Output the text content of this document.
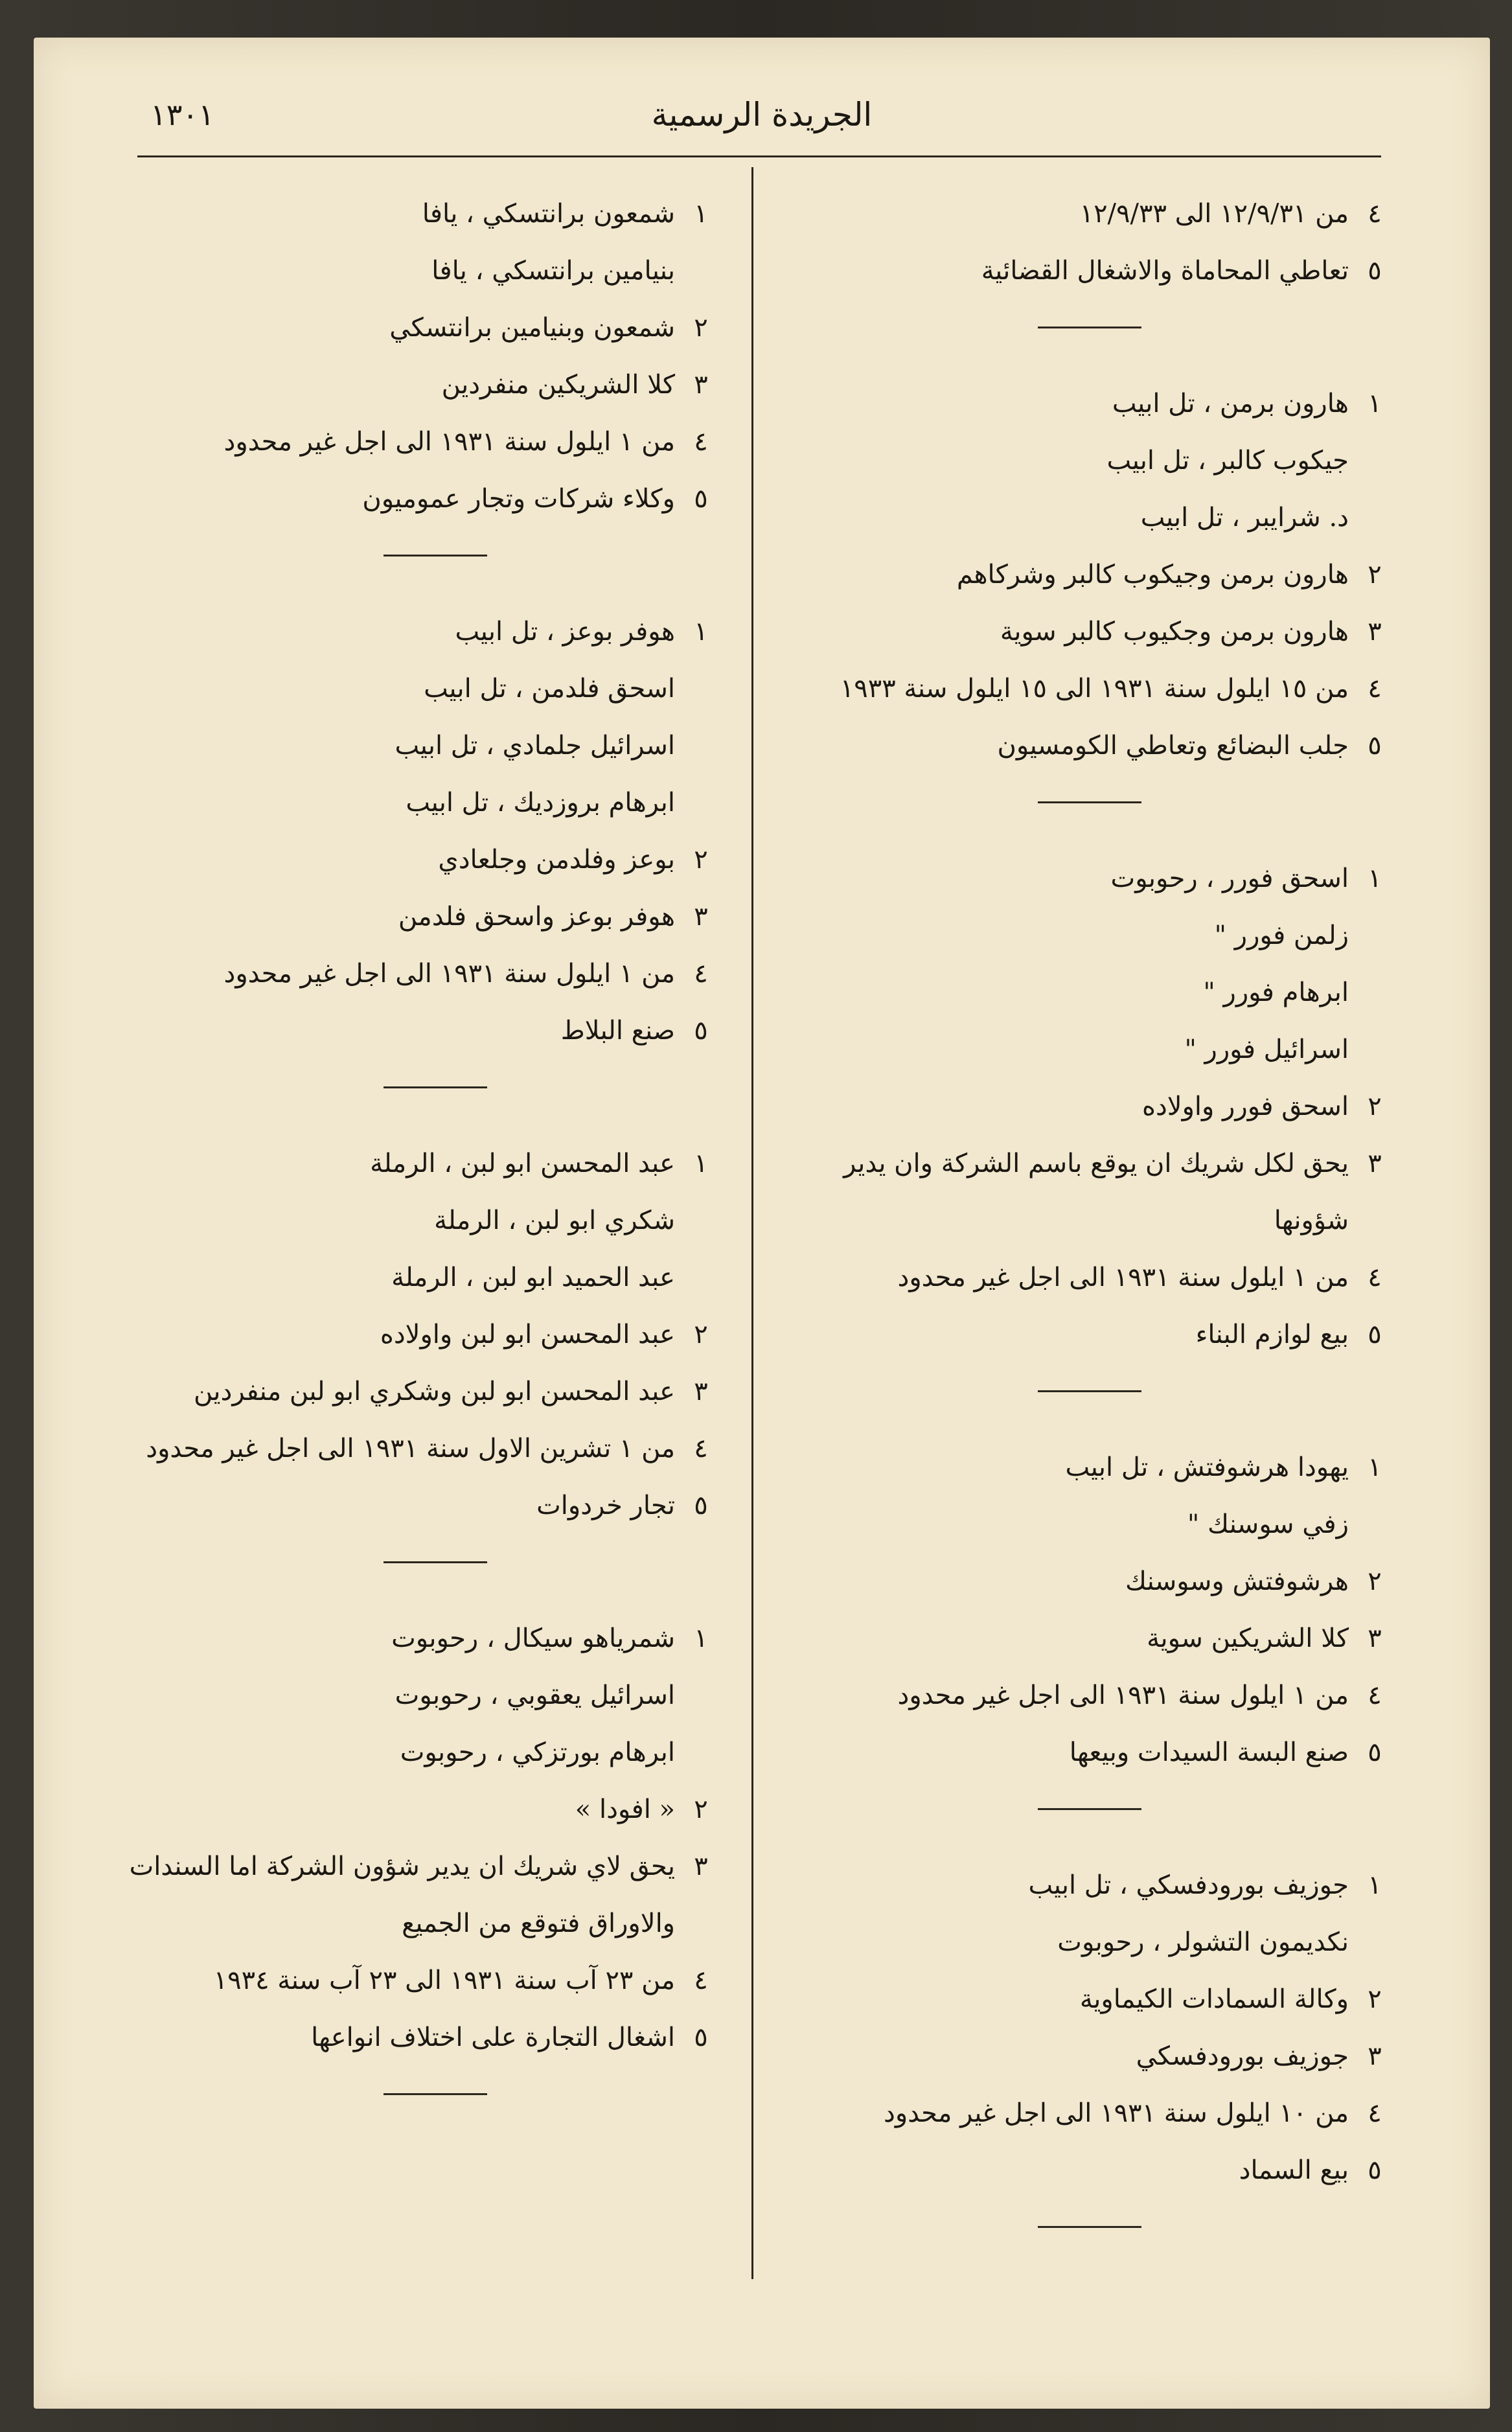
الجريدة الرسمية
١٣٠١
٤من ١٢/٩/٣١ الى ١٢/٩/٣٣
٥تعاطي المحاماة والاشغال القضائية
١هارون برمن ، تل ابيب
جيكوب كالبر ، تل ابيب
د. شرايبر ، تل ابيب
٢هارون برمن وجيكوب كالبر وشركاهم
٣هارون برمن وجكيوب كالبر سوية
٤من ١٥ ايلول سنة ١٩٣١ الى ١٥ ايلول سنة ١٩٣٣
٥جلب البضائع وتعاطي الكومسيون
١اسحق فورر ، رحوبوت
زلمن فورر "
ابرهام فورر "
اسرائيل فورر "
٢اسحق فورر واولاده
٣يحق لكل شريك ان يوقع باسم الشركة وان يدير
شؤونها
٤من ١ ايلول سنة ١٩٣١ الى اجل غير محدود
٥بيع لوازم البناء
١يهودا هرشوفتش ، تل ابيب
زفي سوسنك "
٢هرشوفتش وسوسنك
٣كلا الشريكين سوية
٤من ١ ايلول سنة ١٩٣١ الى اجل غير محدود
٥صنع البسة السيدات وبيعها
١جوزيف بورودفسكي ، تل ابيب
نكديمون التشولر ، رحوبوت
٢وكالة السمادات الكيماوية
٣جوزيف بورودفسكي
٤من ١٠ ايلول سنة ١٩٣١ الى اجل غير محدود
٥بيع السماد
١شمعون برانتسكي ، يافا
بنيامين برانتسكي ، يافا
٢شمعون وبنيامين برانتسكي
٣كلا الشريكين منفردين
٤من ١ ايلول سنة ١٩٣١ الى اجل غير محدود
٥وكلاء شركات وتجار عموميون
١هوفر بوعز ، تل ابيب
اسحق فلدمن ، تل ابيب
اسرائيل جلمادي ، تل ابيب
ابرهام بروزديك ، تل ابيب
٢بوعز وفلدمن وجلعادي
٣هوفر بوعز واسحق فلدمن
٤من ١ ايلول سنة ١٩٣١ الى اجل غير محدود
٥صنع البلاط
١عبد المحسن ابو لبن ، الرملة
شكري ابو لبن ، الرملة
عبد الحميد ابو لبن ، الرملة
٢عبد المحسن ابو لبن واولاده
٣عبد المحسن ابو لبن وشكري ابو لبن منفردين
٤من ١ تشرين الاول سنة ١٩٣١ الى اجل غير محدود
٥تجار خردوات
١شمرياهو سيكال ، رحوبوت
اسرائيل يعقوبي ، رحوبوت
ابرهام بورتزكي ، رحوبوت
٢« افودا »
٣يحق لاي شريك ان يدير شؤون الشركة اما السندات
والاوراق فتوقع من الجميع
٤من ٢٣ آب سنة ١٩٣١ الى ٢٣ آب سنة ١٩٣٤
٥اشغال التجارة على اختلاف انواعها
